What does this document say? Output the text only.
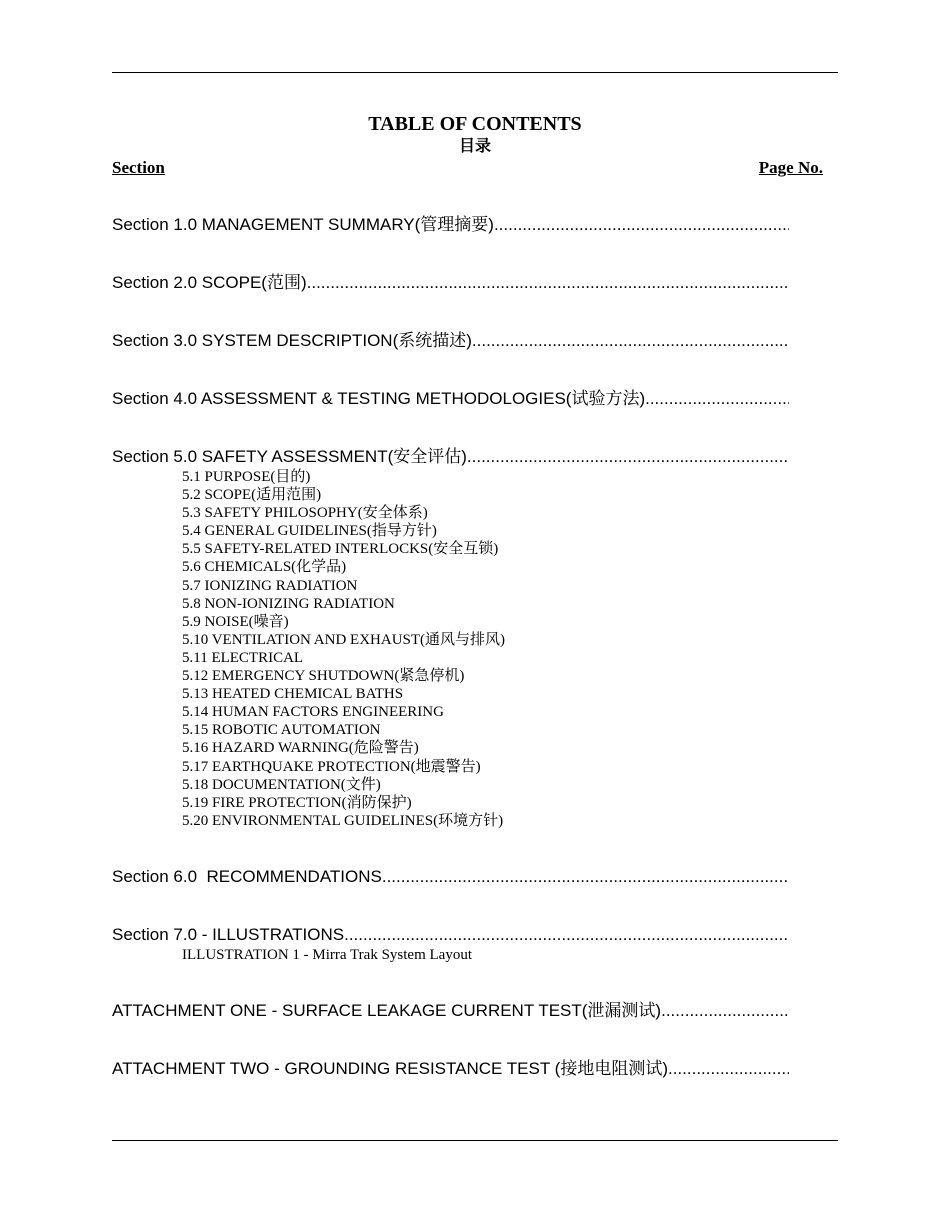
TABLE OF CONTENTS
目录
Section	Page No.
Section 1.0 MANAGEMENT SUMMARY(管理摘要)
.....
Section 2.0 SCOPE(范围)
.....
Section 3.0 SYSTEM DESCRIPTION(系统描述)
.....
Section 4.0 ASSESSMENT & TESTING METHODOLOGIES(试验方法)
.....
Section 5.0 SAFETY ASSESSMENT(安全评估)
.....
5.1 PURPOSE(目的)
5.2 SCOPE(适用范围)
5.3 SAFETY PHILOSOPHY(安全体系)
5.4 GENERAL GUIDELINES(指导方针)
5.5 SAFETY-RELATED INTERLOCKS(安全互锁)
5.6 CHEMICALS(化学品)
5.7 IONIZING RADIATION
5.8 NON-IONIZING RADIATION
5.9 NOISE(噪音)
5.10 VENTILATION AND EXHAUST(通风与排风)
5.11 ELECTRICAL
5.12 EMERGENCY SHUTDOWN(紧急停机)
5.13 HEATED CHEMICAL BATHS
5.14 HUMAN FACTORS ENGINEERING
5.15 ROBOTIC AUTOMATION
5.16 HAZARD WARNING(危险警告)
5.17 EARTHQUAKE PROTECTION(地震警告)
5.18 DOCUMENTATION(文件)
5.19 FIRE PROTECTION(消防保护)
5.20 ENVIRONMENTAL GUIDELINES(环境方针)
Section 6.0  RECOMMENDATIONS
.....
Section 7.0 - ILLUSTRATIONS
.....
ILLUSTRATION 1 - Mirra Trak System Layout
ATTACHMENT ONE - SURFACE LEAKAGE CURRENT TEST(泄漏测试)
.....
ATTACHMENT TWO - GROUNDING RESISTANCE TEST (接地电阻测试)
.....
